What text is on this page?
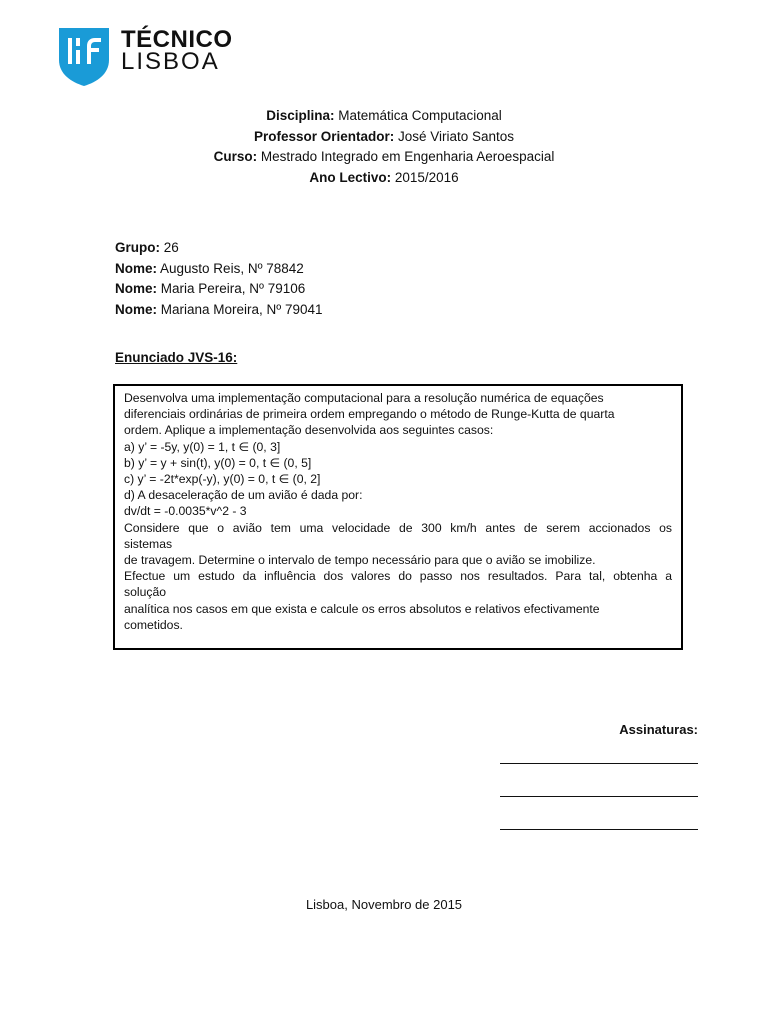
TÉCNICO
LISBOA
Disciplina: Matemática Computacional
Professor Orientador: José Viriato Santos
Curso: Mestrado Integrado em Engenharia Aeroespacial
Ano Lectivo: 2015/2016
Grupo: 26
Nome: Augusto Reis, Nº 78842
Nome: Maria Pereira, Nº 79106
Nome: Mariana Moreira, Nº 79041
Enunciado JVS-16:
Desenvolva uma implementação computacional para a resolução numérica de equações
diferenciais ordinárias de primeira ordem empregando o método de Runge-Kutta de quarta
ordem. Aplique a implementação desenvolvida aos seguintes casos:
a) y’ = -5y, y(0) = 1, t ∈ (0, 3]
b) y’ = y + sin(t), y(0) = 0, t ∈ (0, 5]
c) y’ = -2t*exp(-y), y(0) = 0, t ∈ (0, 2]
d) A desaceleração de um avião é dada por:
dv/dt = -0.0035*v^2 - 3
Considere que o avião tem uma velocidade de 300 km/h antes de serem accionados os
sistemas
de travagem. Determine o intervalo de tempo necessário para que o avião se imobilize.
Efectue um estudo da influência dos valores do passo nos resultados. Para tal, obtenha a
solução
analítica nos casos em que exista e calcule os erros absolutos e relativos efectivamente
cometidos.
Assinaturas:
Lisboa, Novembro de 2015
